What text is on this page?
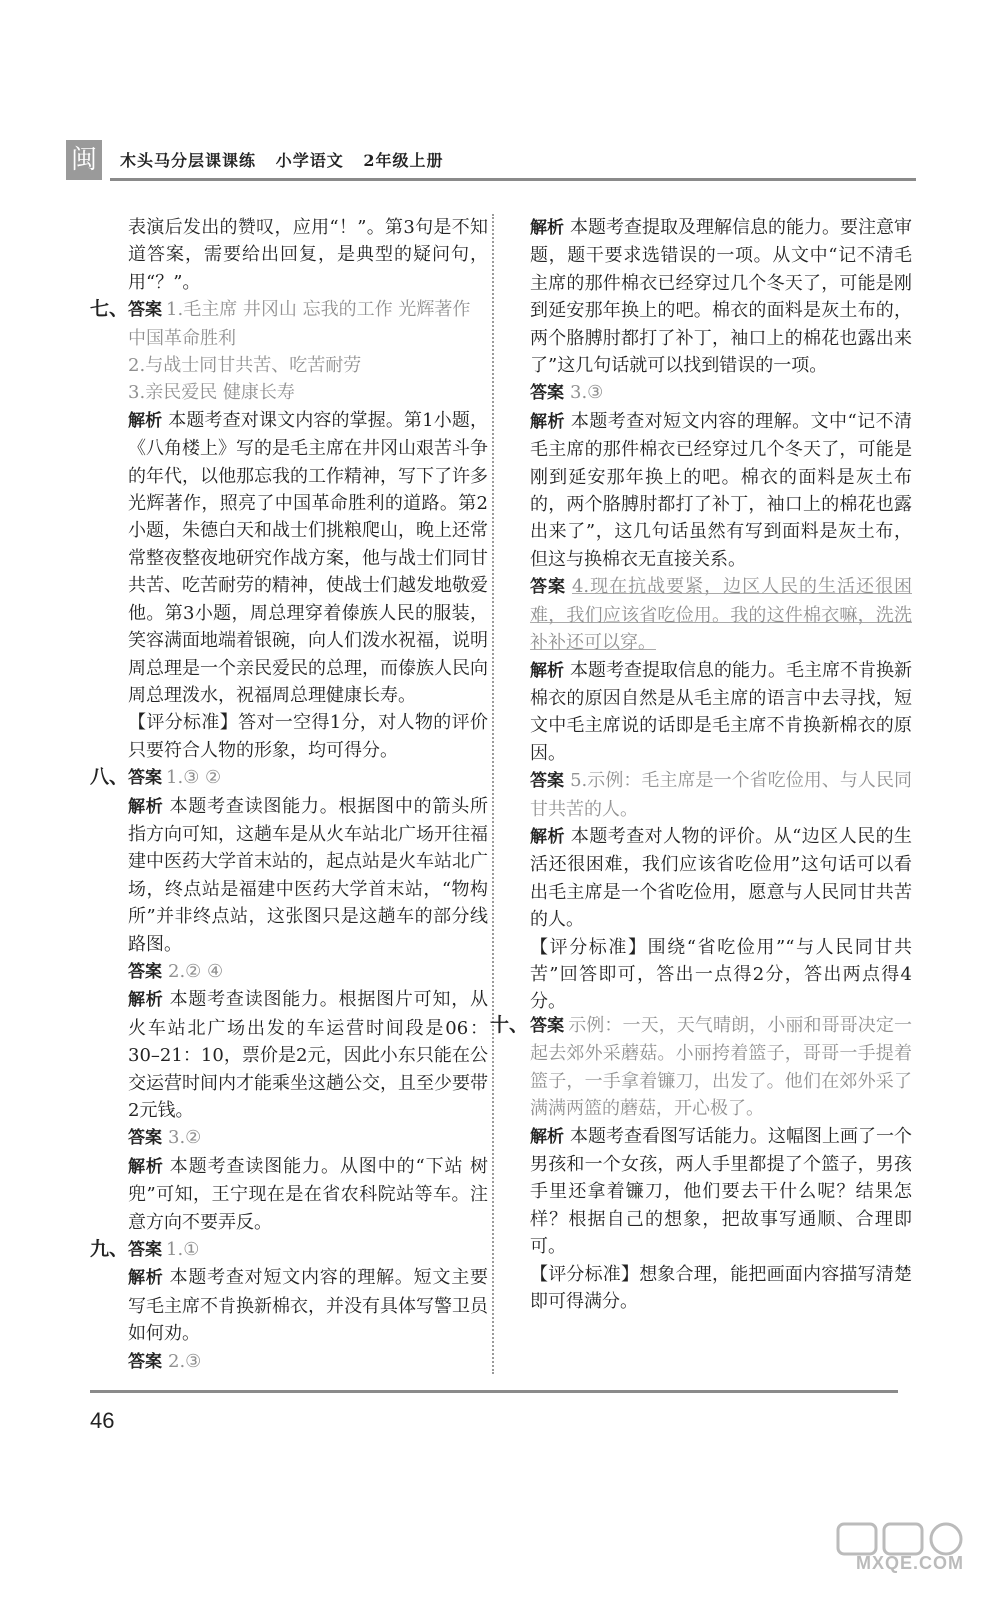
闽	木头马分层课课练   小学语文   2年级上册

表演后发出的赞叹，应用“！”。第3句是不知道答案，需要给出回复，是典型的疑问句，用“？”。

七、 答案 1.毛主席 井冈山 忘我的工作 光辉著作 中国革命胜利
2.与战士同甘共苦、吃苦耐劳
3.亲民爱民 健康长寿
解析 本题考查对课文内容的掌握。第1小题，《八角楼上》写的是毛主席在井冈山艰苦斗争的年代，以他那忘我的工作精神，写下了许多光辉著作，照亮了中国革命胜利的道路。第2小题，朱德白天和战士们挑粮爬山，晚上还常常整夜整夜地研究作战方案，他与战士们同甘共苦、吃苦耐劳的精神，使战士们越发地敬爱他。第3小题，周总理穿着傣族人民的服装，笑容满面地端着银碗，向人们泼水祝福，说明周总理是一个亲民爱民的总理，而傣族人民向周总理泼水，祝福周总理健康长寿。
【评分标准】答对一空得1分，对人物的评价只要符合人物的形象，均可得分。
八、 答案 1.③ ②
解析 本题考查读图能力。根据图中的箭头所指方向可知，这趟车是从火车站北广场开往福建中医药大学首末站的，起点站是火车站北广场，终点站是福建中医药大学首末站，“物构所”并非终点站，这张图只是这趟车的部分线路图。
答案 2.② ④
解析 本题考查读图能力。根据图片可知，从火车站北广场出发的车运营时间段是06：30–21：10，票价是2元，因此小东只能在公交运营时间内才能乘坐这趟公交，且至少要带2元钱。
答案 3.②
解析 本题考查读图能力。从图中的“下站 树兜”可知，王宁现在是在省农科院站等车。注意方向不要弄反。
九、 答案 1.①
解析 本题考查对短文内容的理解。短文主要写毛主席不肯换新棉衣，并没有具体写警卫员如何劝。
答案 2.③
解析 本题考查提取及理解信息的能力。要注意审题，题干要求选错误的一项。从文中“记不清毛主席的那件棉衣已经穿过几个冬天了，可能是刚到延安那年换上的吧。棉衣的面料是灰土布的，两个胳膊肘都打了补丁，袖口上的棉花也露出来了”这几句话就可以找到错误的一项。
答案 3.③
解析 本题考查对短文内容的理解。文中“记不清毛主席的那件棉衣已经穿过几个冬天了，可能是刚到延安那年换上的吧。棉衣的面料是灰土布的，两个胳膊肘都打了补丁，袖口上的棉花也露出来了”，这几句话虽然有写到面料是灰土布，但这与换棉衣无直接关系。
答案 4.现在抗战要紧，边区人民的生活还很困难，我们应该省吃俭用。我的这件棉衣嘛，洗洗补补还可以穿。
解析 本题考查提取信息的能力。毛主席不肯换新棉衣的原因自然是从毛主席的语言中去寻找，短文中毛主席说的话即是毛主席不肯换新棉衣的原因。
答案 5.示例：毛主席是一个省吃俭用、与人民同甘共苦的人。
解析 本题考查对人物的评价。从“边区人民的生活还很困难，我们应该省吃俭用”这句话可以看出毛主席是一个省吃俭用，愿意与人民同甘共苦的人。
【评分标准】围绕“省吃俭用”“与人民同甘共苦”回答即可，答出一点得2分，答出两点得4分。
十、 答案 示例：一天，天气晴朗，小丽和哥哥决定一起去郊外采蘑菇。小丽挎着篮子，哥哥一手提着篮子，一手拿着镰刀，出发了。他们在郊外采了满满两篮的蘑菇，开心极了。
解析 本题考查看图写话能力。这幅图上画了一个男孩和一个女孩，两人手里都提了个篮子，男孩手里还拿着镰刀，他们要去干什么呢？结果怎样？根据自己的想象，把故事写通顺、合理即可。
【评分标准】想象合理，能把画面内容描写清楚即可得满分。
46
MXQE.COM
